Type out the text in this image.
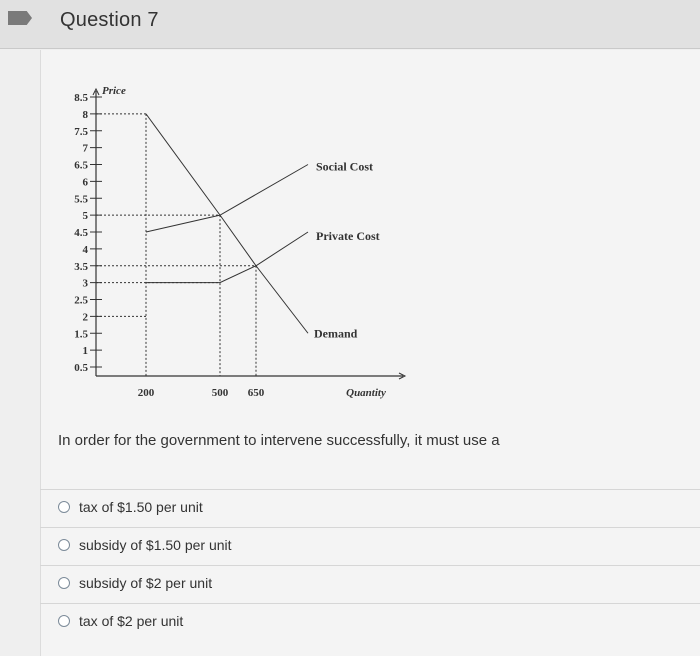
Question 7
8.5
8
7.5
7
6.5
6
5.5
5
4.5
4
3.5
3
2.5
2
1.5
1
0.5
Price
Quantity
200	500 650
Social Cost
Private Cost
Demand
In order for the government to intervene successfully, it must use a
tax of $1.50 per unit
subsidy of $1.50 per unit
subsidy of $2 per unit
tax of $2 per unit
